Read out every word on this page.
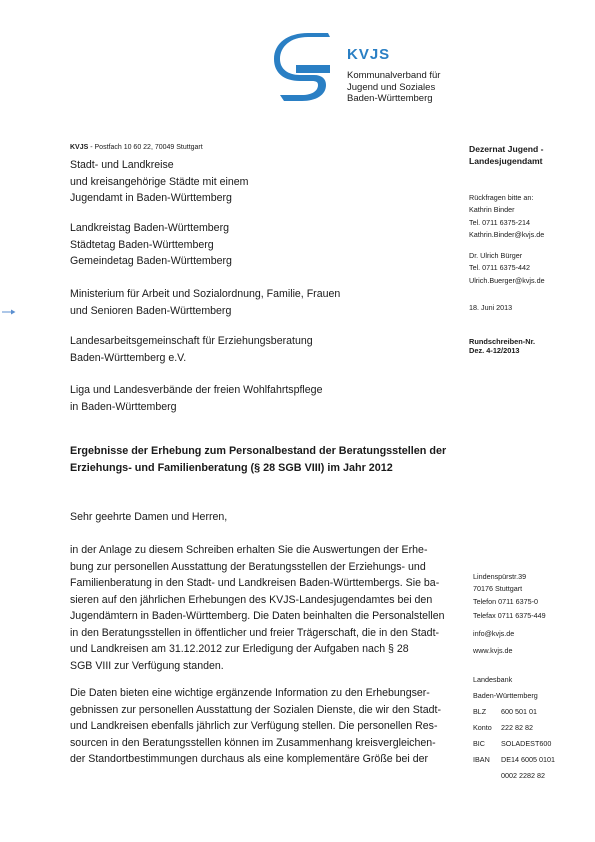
KVJS
Kommunalverband für
Jugend und Soziales
Baden-Württemberg
KVJS - Postfach 10 60 22, 70049 Stuttgart
Stadt- und Landkreise
und kreisangehörige Städte mit einem
Jugendamt in Baden-Württemberg
Landkreistag Baden-Württemberg
Städtetag Baden-Württemberg
Gemeindetag Baden-Württemberg
Ministerium für Arbeit und Sozialordnung, Familie, Frauen
und Senioren Baden-Württemberg
Landesarbeitsgemeinschaft für Erziehungsberatung
Baden-Württemberg e.V.
Liga und Landesverbände der freien Wohlfahrtspflege
in Baden-Württemberg
Dezernat Jugend -
Landesjugendamt
Rückfragen bitte an:
Kathrin Binder
Tel. 0711 6375-214
Kathrin.Binder@kvjs.de
Dr. Ulrich Bürger
Tel. 0711 6375-442
Ulrich.Buerger@kvjs.de
18. Juni 2013
Rundschreiben-Nr.
Dez. 4-12/2013
Lindenspürstr.39
70176 Stuttgart
Telefon 0711 6375-0
Telefax 0711 6375-449
info@kvjs.de
www.kvjs.de
Landesbank
Baden-Württemberg
BLZ	600 501 01
Konto	222 82 82
BIC	SOLADEST600
IBAN	DE14 6005 0101
0002 2282 82
Ergebnisse der Erhebung zum Personalbestand der Beratungsstellen der
Erziehungs- und Familienberatung (§ 28 SGB VIII) im Jahr 2012
Sehr geehrte Damen und Herren,
in der Anlage zu diesem Schreiben erhalten Sie die Auswertungen der Erhe-
bung zur personellen Ausstattung der Beratungsstellen der Erziehungs- und
Familienberatung in den Stadt- und Landkreisen Baden-Württembergs. Sie ba-
sieren auf den jährlichen Erhebungen des KVJS-Landesjugendamtes bei den
Jugendämtern in Baden-Württemberg. Die Daten beinhalten die Personalstellen
in den Beratungsstellen in öffentlicher und freier Trägerschaft, die in den Stadt-
und Landkreisen am 31.12.2012 zur Erledigung der Aufgaben nach § 28
SGB VIII zur Verfügung standen.
Die Daten bieten eine wichtige ergänzende Information zu den Erhebungser-
gebnissen zur personellen Ausstattung der Sozialen Dienste, die wir den Stadt-
und Landkreisen ebenfalls jährlich zur Verfügung stellen. Die personellen Res-
sourcen in den Beratungsstellen können im Zusammenhang kreisvergleichen-
der Standortbestimmungen durchaus als eine komplementäre Größe bei der
